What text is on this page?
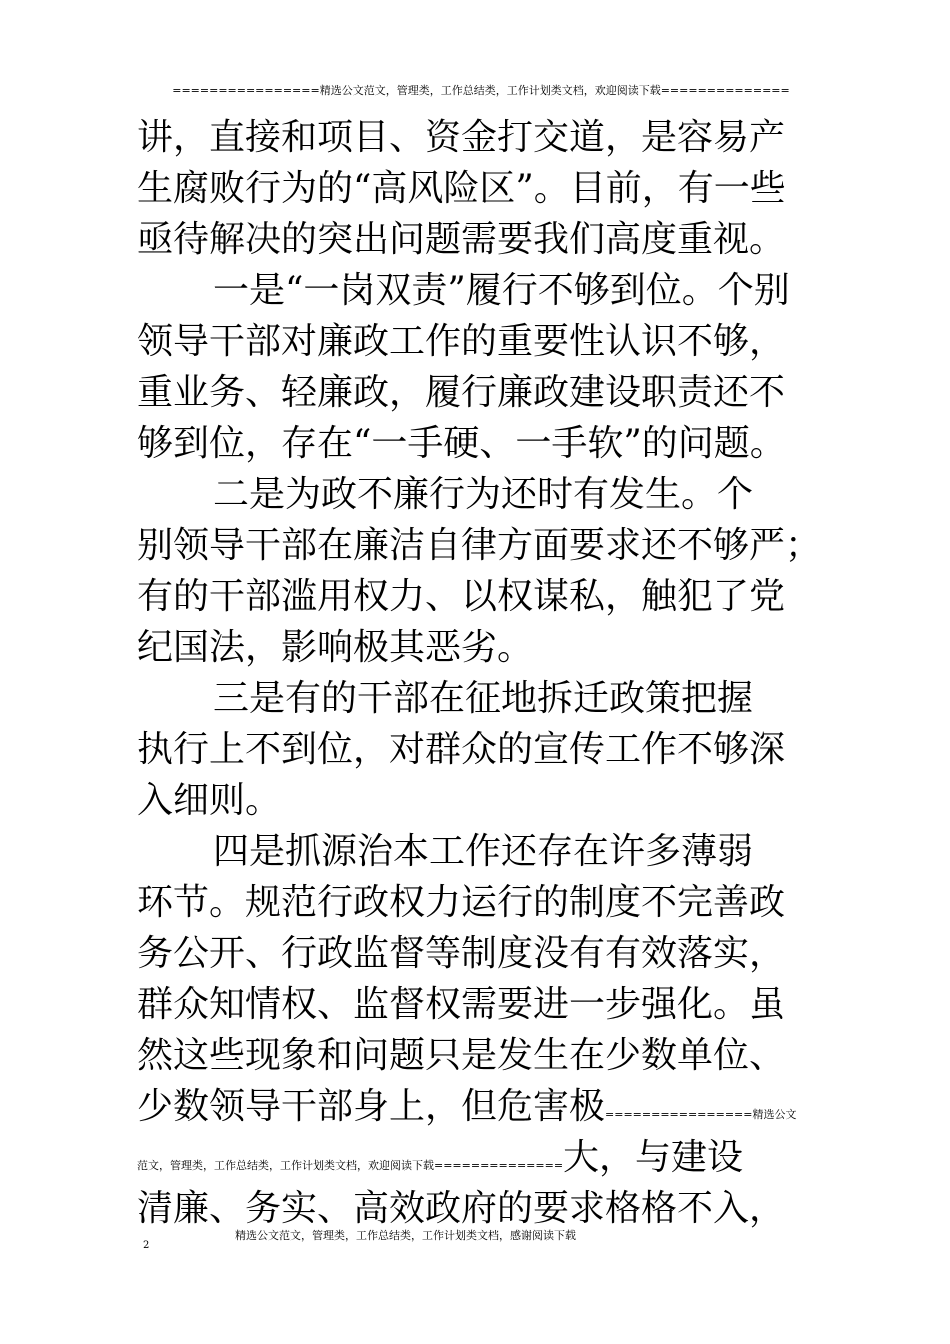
================精选公文范文，管理类，工作总结类，工作计划类文档，欢迎阅读下载==============
讲，直接和项目、资金打交道，是容易产
生腐败行为的“高风险区”。目前，有一些
亟待解决的突出问题需要我们高度重视。
一是“一岗双责”履行不够到位。个别
领导干部对廉政工作的重要性认识不够，
重业务、轻廉政，履行廉政建设职责还不
够到位，存在“一手硬、一手软”的问题。
二是为政不廉行为还时有发生。个
别领导干部在廉洁自律方面要求还不够严；
有的干部滥用权力、以权谋私，触犯了党
纪国法，影响极其恶劣。
三是有的干部在征地拆迁政策把握
执行上不到位，对群众的宣传工作不够深
入细则。
四是抓源治本工作还存在许多薄弱
环节。规范行政权力运行的制度不完善政
务公开、行政监督等制度没有有效落实，
群众知情权、监督权需要进一步强化。虽
然这些现象和问题只是发生在少数单位、
少数领导干部身上，但危害极================精选公文
范文，管理类，工作总结类，工作计划类文档，欢迎阅读下载==============大，与建设
清廉、务实、高效政府的要求格格不入，
精选公文范文，管理类，工作总结类，工作计划类文档，感谢阅读下载
2
